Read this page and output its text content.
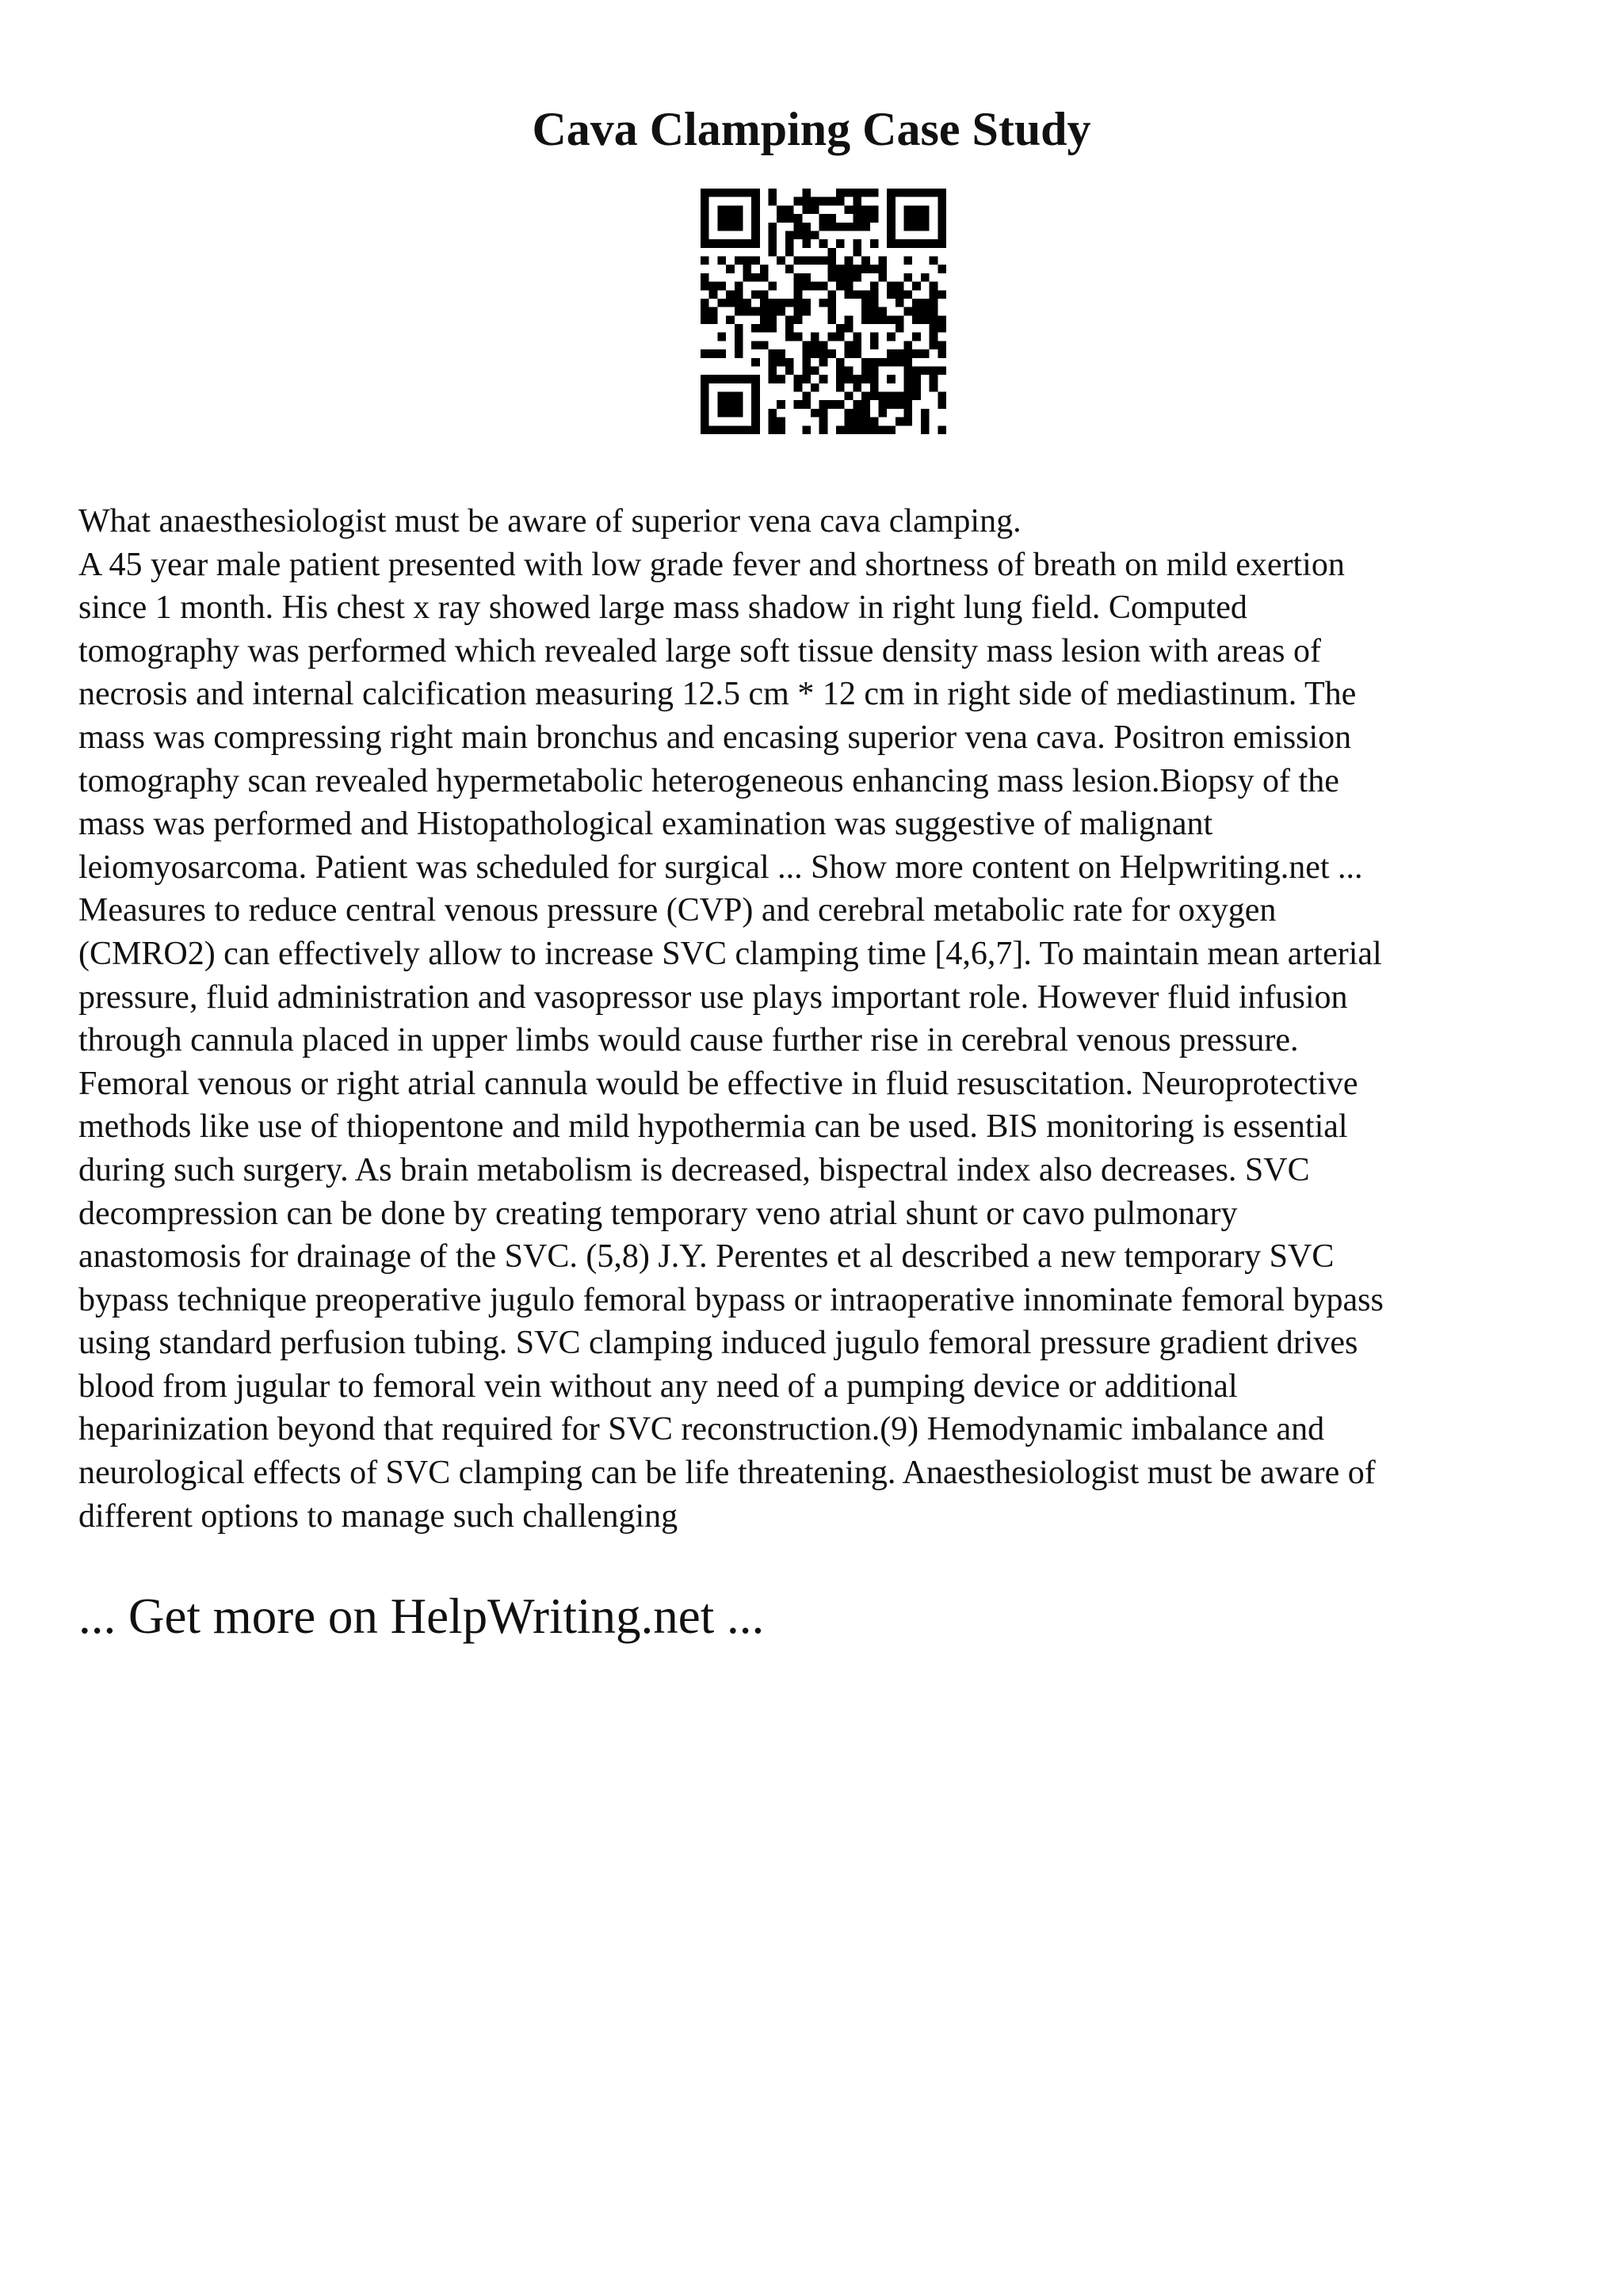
Cava Clamping Case Study
What anaesthesiologist must be aware of superior vena cava clamping.
A 45 year male patient presented with low grade fever and shortness of breath on mild exertion
since 1 month. His chest x ray showed large mass shadow in right lung field. Computed
tomography was performed which revealed large soft tissue density mass lesion with areas of
necrosis and internal calcification measuring 12.5 cm * 12 cm in right side of mediastinum. The
mass was compressing right main bronchus and encasing superior vena cava. Positron emission
tomography scan revealed hypermetabolic heterogeneous enhancing mass lesion.Biopsy of the
mass was performed and Histopathological examination was suggestive of malignant
leiomyosarcoma. Patient was scheduled for surgical ... Show more content on Helpwriting.net ...
Measures to reduce central venous pressure (CVP) and cerebral metabolic rate for oxygen
(CMRO2) can effectively allow to increase SVC clamping time [4,6,7]. To maintain mean arterial
pressure, fluid administration and vasopressor use plays important role. However fluid infusion
through cannula placed in upper limbs would cause further rise in cerebral venous pressure.
Femoral venous or right atrial cannula would be effective in fluid resuscitation. Neuroprotective
methods like use of thiopentone and mild hypothermia can be used. BIS monitoring is essential
during such surgery. As brain metabolism is decreased, bispectral index also decreases. SVC
decompression can be done by creating temporary veno atrial shunt or cavo pulmonary
anastomosis for drainage of the SVC. (5,8) J.Y. Perentes et al described a new temporary SVC
bypass technique preoperative jugulo femoral bypass or intraoperative innominate femoral bypass
using standard perfusion tubing. SVC clamping induced jugulo femoral pressure gradient drives
blood from jugular to femoral vein without any need of a pumping device or additional
heparinization beyond that required for SVC reconstruction.(9) Hemodynamic imbalance and
neurological effects of SVC clamping can be life threatening. Anaesthesiologist must be aware of
different options to manage such challenging
... Get more on HelpWriting.net ...
